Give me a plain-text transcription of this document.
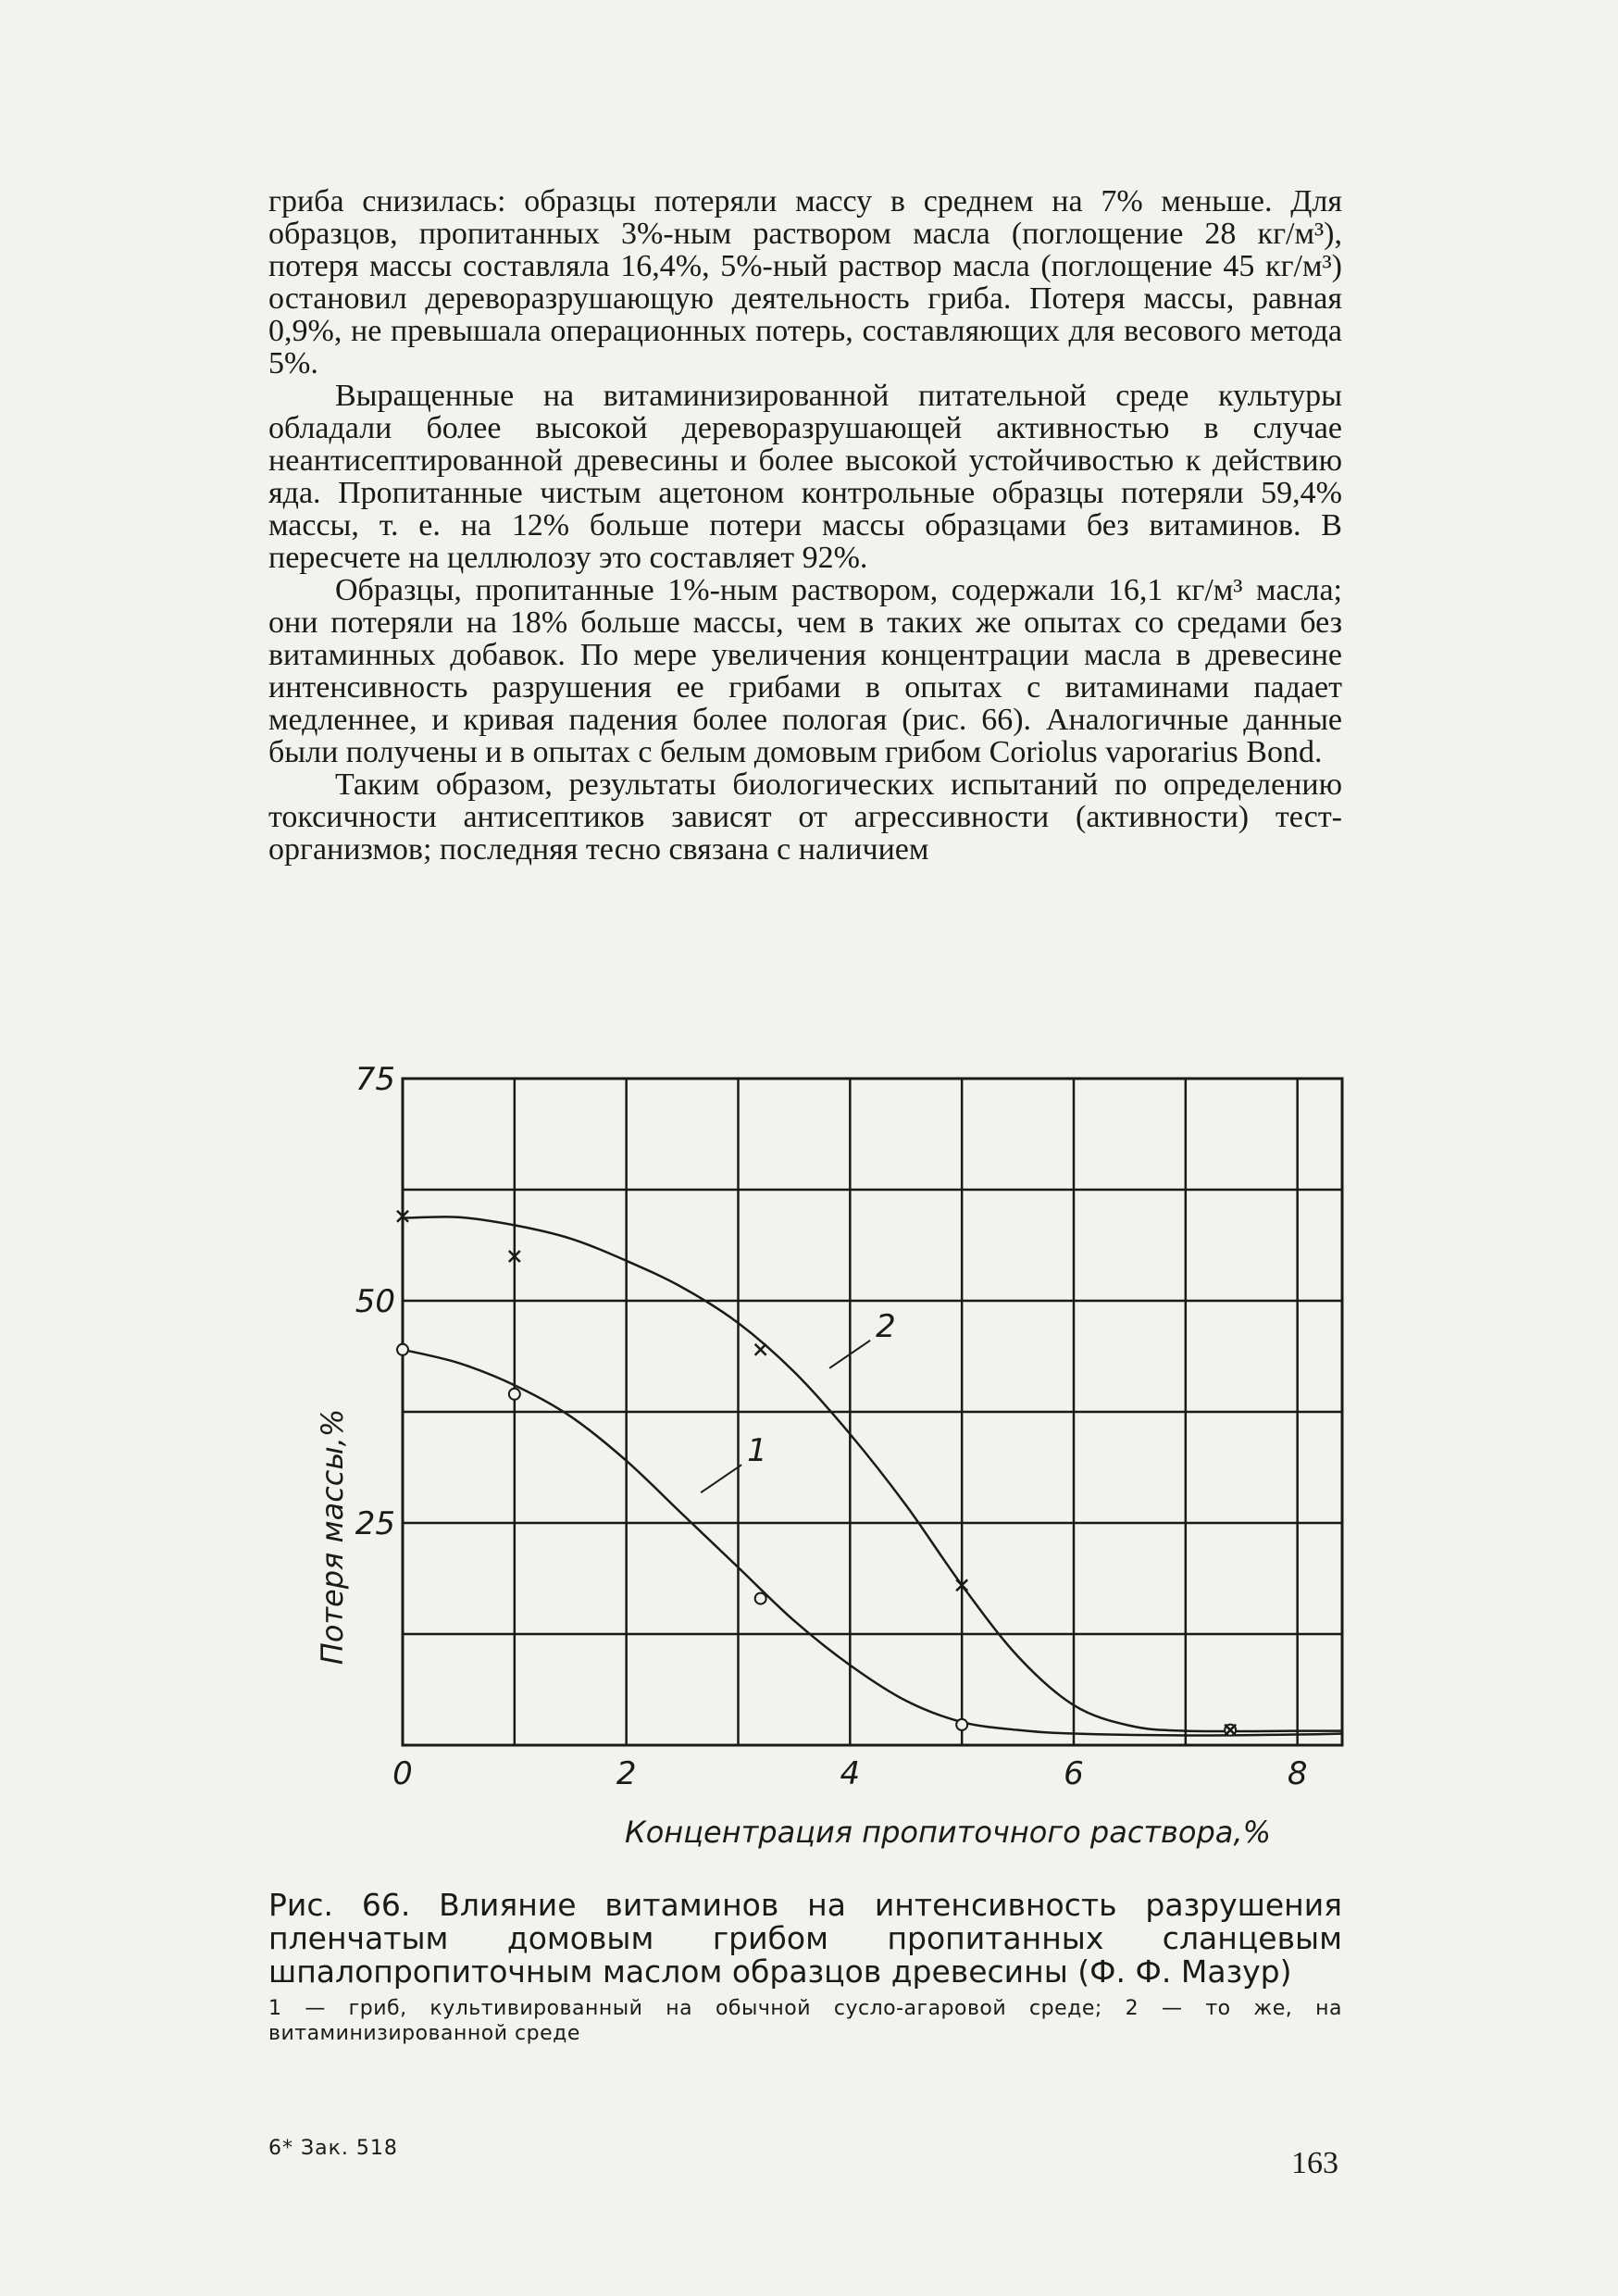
гриба снизилась: образцы потеряли массу в среднем на 7% меньше. Для образцов, пропитанных 3%-ным раствором масла (поглощение 28 кг/м³), потеря массы составляла 16,4%, 5%-ный раствор масла (поглощение 45 кг/м³) остановил дереворазрушающую деятельность гриба. Потеря массы, равная 0,9%, не превышала операционных потерь, составляющих для весового метода 5%.

Выращенные на витаминизированной питательной среде культуры обладали более высокой дереворазрушающей активностью в случае неантисептированной древесины и более высокой устойчивостью к действию яда. Пропитанные чистым ацетоном контрольные образцы потеряли 59,4% массы, т. е. на 12% больше потери массы образцами без витаминов. В пересчете на целлюлозу это составляет 92%.

Образцы, пропитанные 1%-ным раствором, содержали 16,1 кг/м³ масла; они потеряли на 18% больше массы, чем в таких же опытах со средами без витаминных добавок. По мере увеличения концентрации масла в древесине интенсивность разрушения ее грибами в опытах с витаминами падает медленнее, и кривая падения более пологая (рис. 66). Аналогичные данные были получены и в опытах с белым домовым грибом Coriolus vaporarius Bond.

Таким образом, результаты биологических испытаний по определению токсичности антисептиков зависят от агрессивности (активности) тест-организмов; последняя тесно связана с наличием

0	2	4	6	8
25
50
75
1
2
Концентрация пропиточного раствора,%
Потеря массы,%

Рис. 66. Влияние витаминов на интенсивность разрушения пленчатым домовым грибом пропитанных сланцевым шпалопропиточным маслом образцов древесины (Ф. Ф. Мазур)

1 — гриб, культивированный на обычной сусло-агаровой среде; 2 — то же, на витаминизированной среде

6* Зак. 518	163
